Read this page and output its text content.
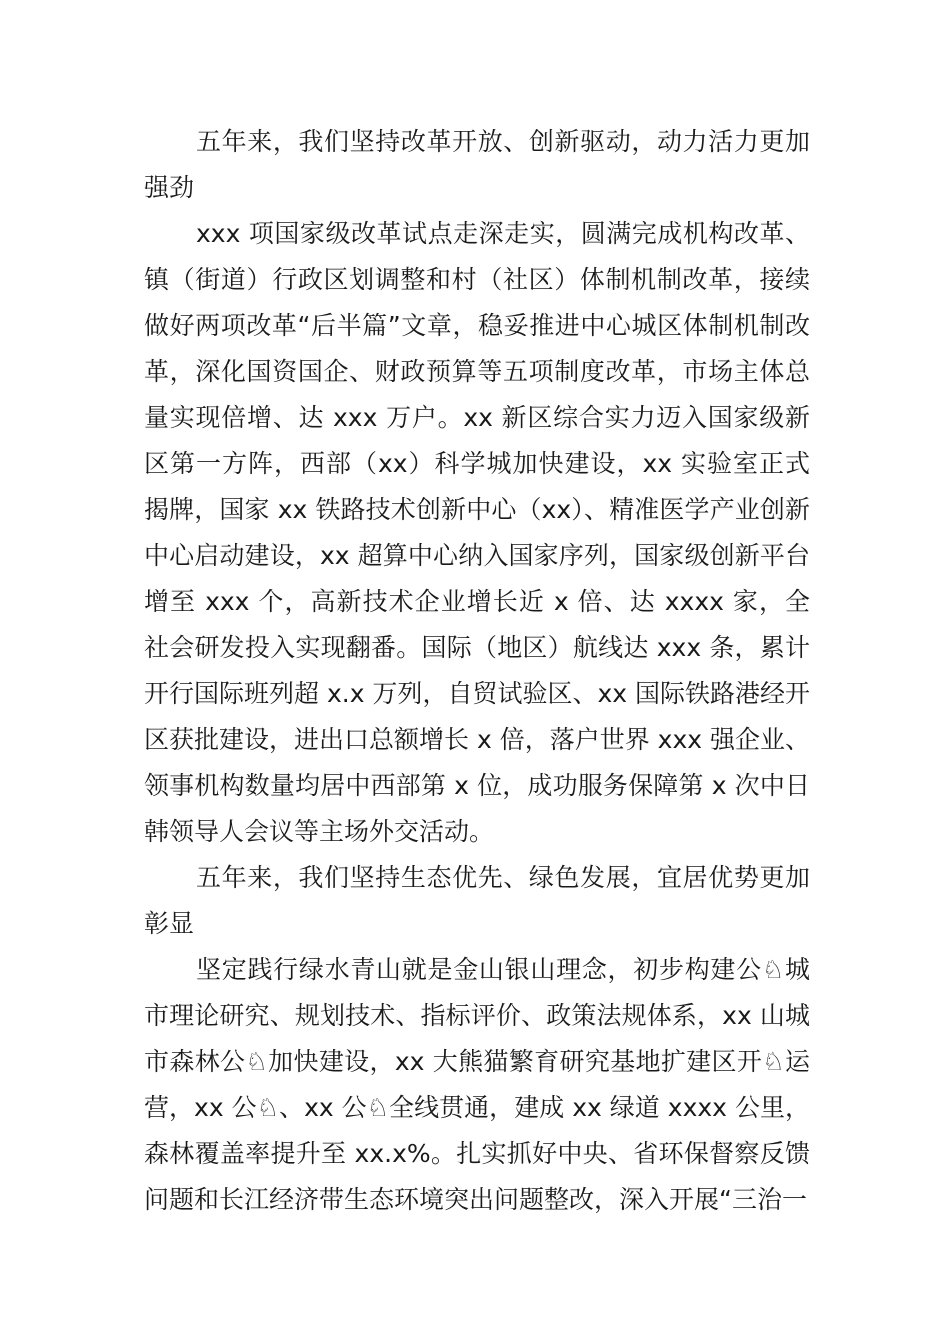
五年来，我们坚持改革开放、创新驱动，动力活力更加强劲

xxx 项国家级改革试点走深走实，圆满完成机构改革、镇（街道）行政区划调整和村（社区）体制机制改革，接续做好两项改革“后半篇”文章，稳妥推进中心城区体制机制改革，深化国资国企、财政预算等五项制度改革，市场主体总量实现倍增、达 xxx 万户。xx 新区综合实力迈入国家级新区第一方阵，西部（xx）科学城加快建设，xx 实验室正式揭牌，国家 xx 铁路技术创新中心（xx）、精准医学产业创新中心启动建设，xx 超算中心纳入国家序列，国家级创新平台增至 xxx 个，高新技术企业增长近 x 倍、达 xxxx 家，全社会研发投入实现翻番。国际（地区）航线达 xxx 条，累计开行国际班列超 x.x 万列，自贸试验区、xx 国际铁路港经开区获批建设，进出口总额增长 x 倍，落户世界 xxx 强企业、领事机构数量均居中西部第 x 位，成功服务保障第 x 次中日韩领导人会议等主场外交活动。

五年来，我们坚持生态优先、绿色发展，宜居优势更加彰显

坚定践行绿水青山就是金山银山理念，初步构建公♘城市理论研究、规划技术、指标评价、政策法规体系，xx 山城市森林公♘加快建设，xx 大熊猫繁育研究基地扩建区开♘运营，xx 公♘、xx 公♘全线贯通，建成 xx 绿道 xxxx 公里，森林覆盖率提升至 xx.x%。扎实抓好中央、省环保督察反馈问题和长江经济带生态环境突出问题整改，深入开展“三治一
